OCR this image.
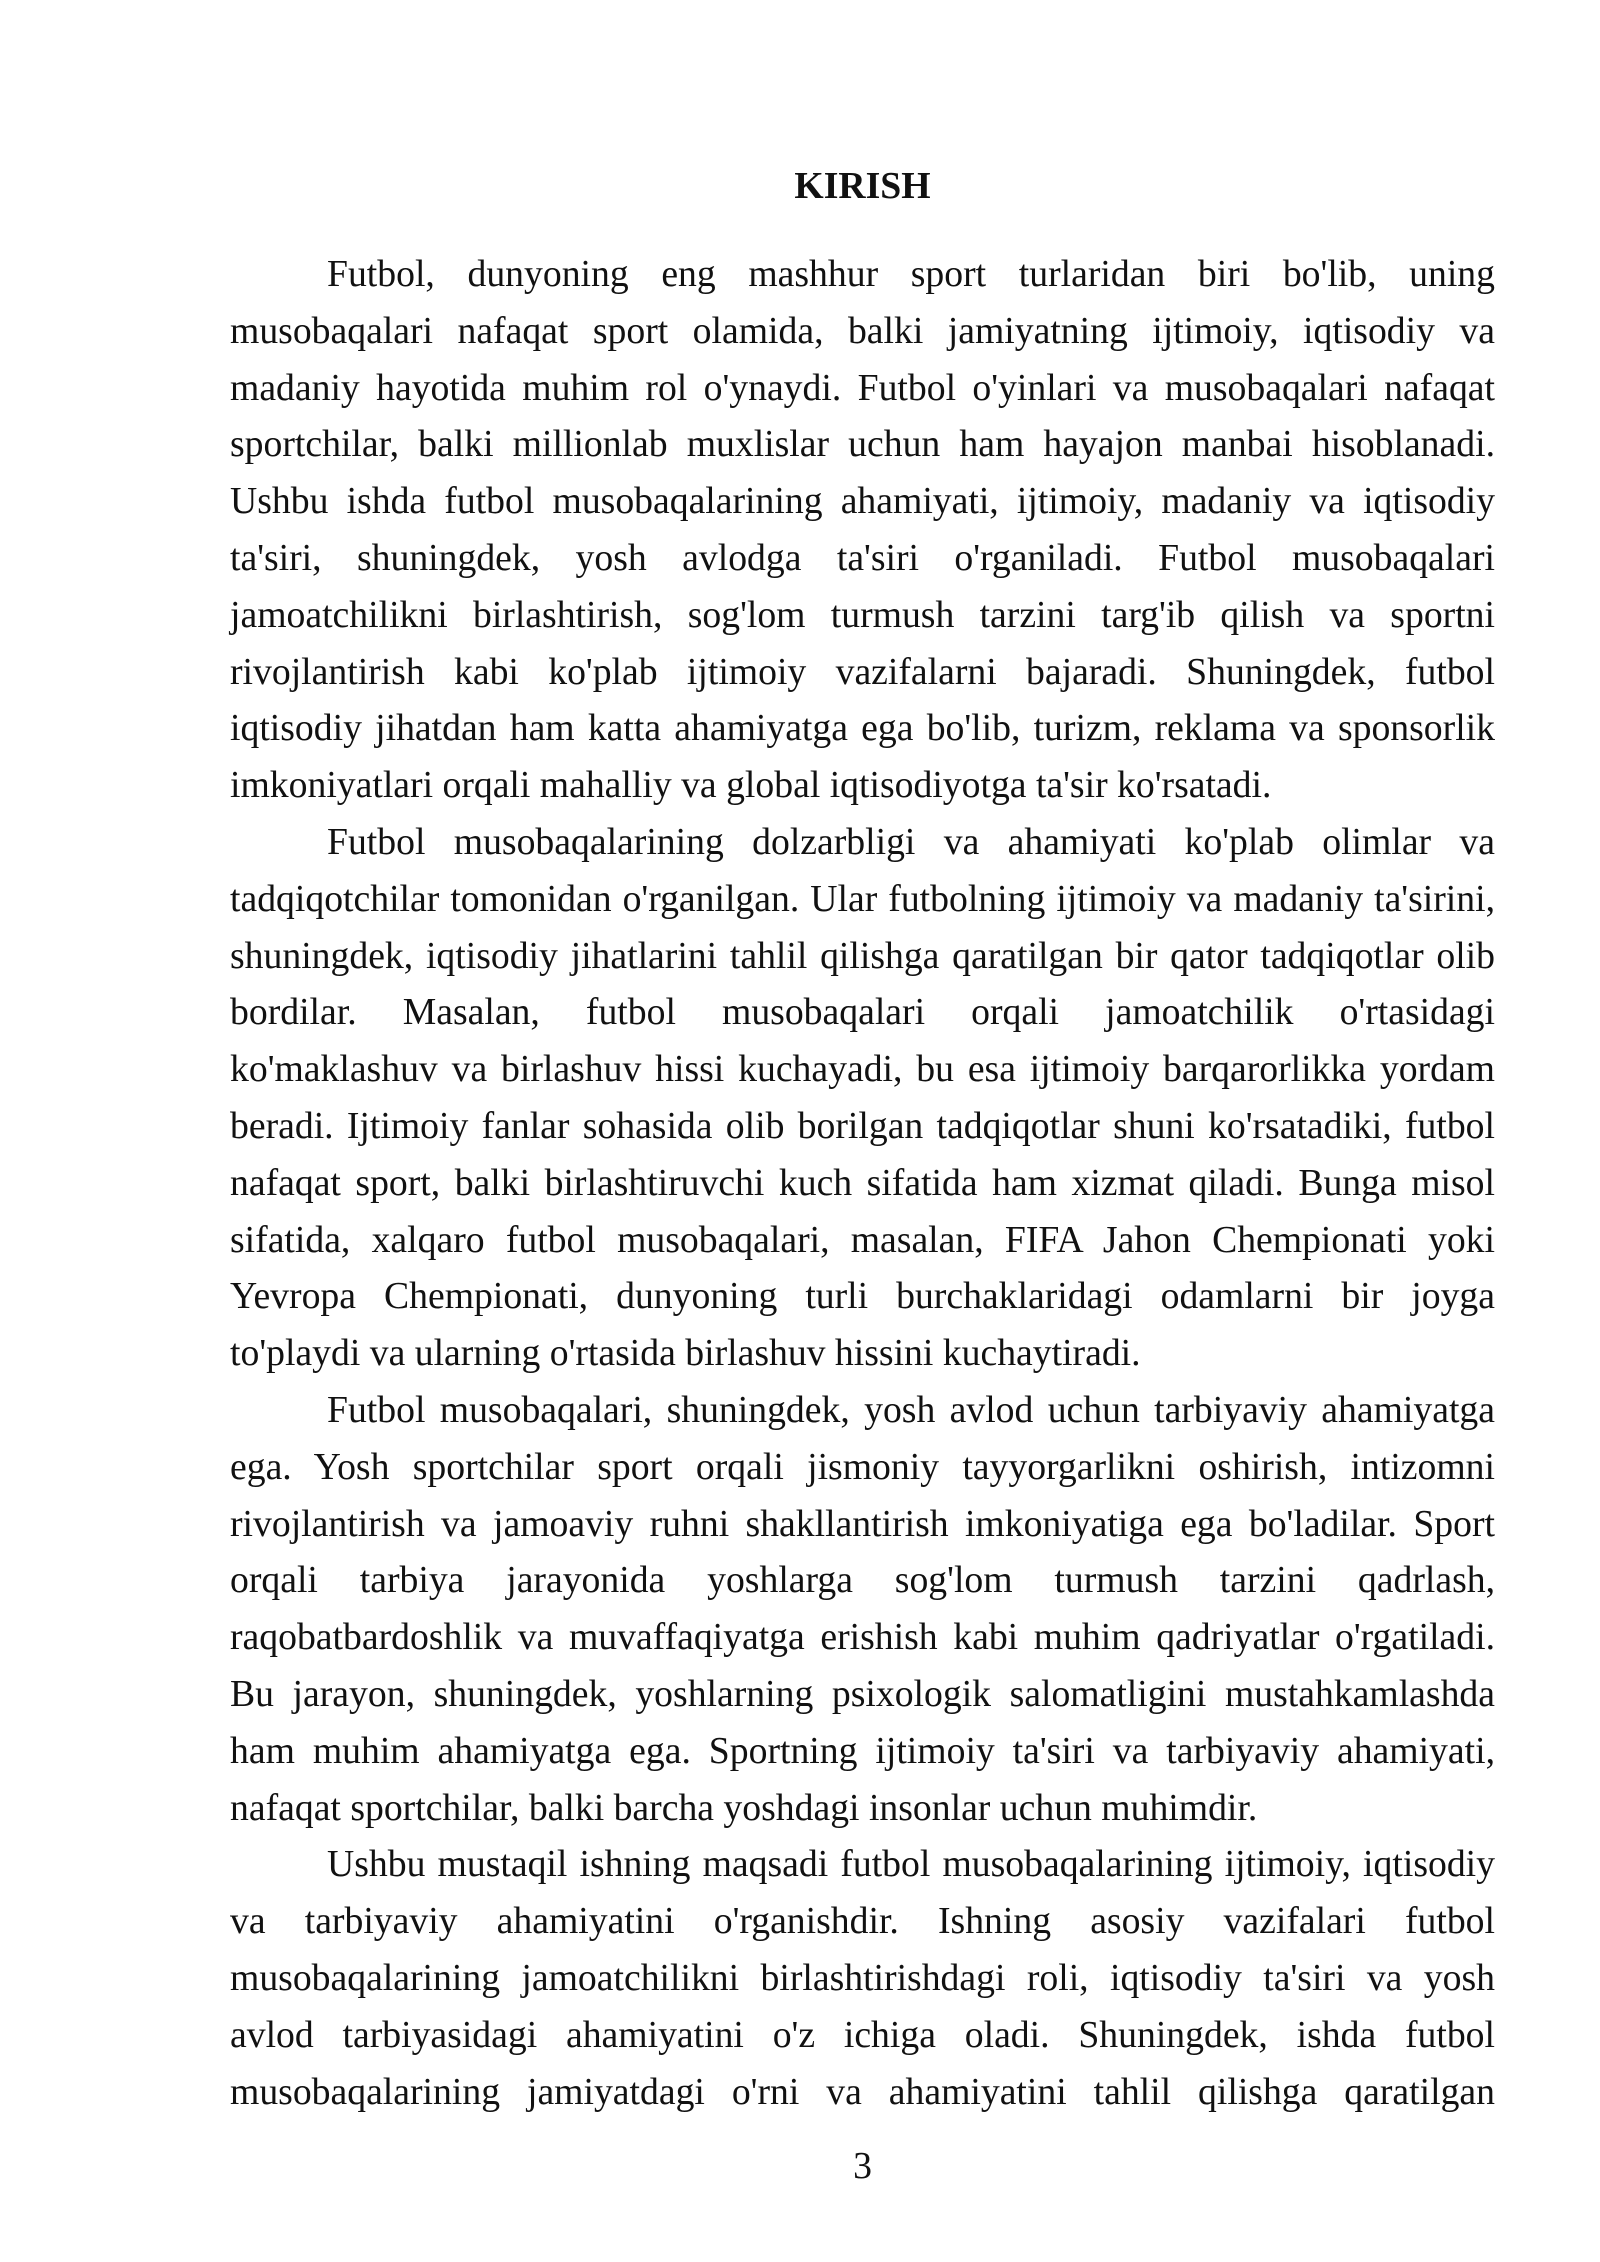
KIRISH
Futbol, dunyoning eng mashhur sport turlaridan biri bo'lib, uning
musobaqalari nafaqat sport olamida, balki jamiyatning ijtimoiy, iqtisodiy va
madaniy hayotida muhim rol o'ynaydi. Futbol o'yinlari va musobaqalari nafaqat
sportchilar, balki millionlab muxlislar uchun ham hayajon manbai hisoblanadi.
Ushbu ishda futbol musobaqalarining ahamiyati, ijtimoiy, madaniy va iqtisodiy
ta'siri, shuningdek, yosh avlodga ta'siri o'rganiladi. Futbol musobaqalari
jamoatchilikni birlashtirish, sog'lom turmush tarzini targ'ib qilish va sportni
rivojlantirish kabi ko'plab ijtimoiy vazifalarni bajaradi. Shuningdek, futbol
iqtisodiy jihatdan ham katta ahamiyatga ega bo'lib, turizm, reklama va sponsorlik
imkoniyatlari orqali mahalliy va global iqtisodiyotga ta'sir ko'rsatadi.
Futbol musobaqalarining dolzarbligi va ahamiyati ko'plab olimlar va
tadqiqotchilar tomonidan o'rganilgan. Ular futbolning ijtimoiy va madaniy ta'sirini,
shuningdek, iqtisodiy jihatlarini tahlil qilishga qaratilgan bir qator tadqiqotlar olib
bordilar. Masalan, futbol musobaqalari orqali jamoatchilik o'rtasidagi
ko'maklashuv va birlashuv hissi kuchayadi, bu esa ijtimoiy barqarorlikka yordam
beradi. Ijtimoiy fanlar sohasida olib borilgan tadqiqotlar shuni ko'rsatadiki, futbol
nafaqat sport, balki birlashtiruvchi kuch sifatida ham xizmat qiladi. Bunga misol
sifatida, xalqaro futbol musobaqalari, masalan, FIFA Jahon Chempionati yoki
Yevropa Chempionati, dunyoning turli burchaklaridagi odamlarni bir joyga
to'playdi va ularning o'rtasida birlashuv hissini kuchaytiradi.
Futbol musobaqalari, shuningdek, yosh avlod uchun tarbiyaviy ahamiyatga
ega. Yosh sportchilar sport orqali jismoniy tayyorgarlikni oshirish, intizomni
rivojlantirish va jamoaviy ruhni shakllantirish imkoniyatiga ega bo'ladilar. Sport
orqali tarbiya jarayonida yoshlarga sog'lom turmush tarzini qadrlash,
raqobatbardoshlik va muvaffaqiyatga erishish kabi muhim qadriyatlar o'rgatiladi.
Bu jarayon, shuningdek, yoshlarning psixologik salomatligini mustahkamlashda
ham muhim ahamiyatga ega. Sportning ijtimoiy ta'siri va tarbiyaviy ahamiyati,
nafaqat sportchilar, balki barcha yoshdagi insonlar uchun muhimdir.
Ushbu mustaqil ishning maqsadi futbol musobaqalarining ijtimoiy, iqtisodiy
va tarbiyaviy ahamiyatini o'rganishdir. Ishning asosiy vazifalari futbol
musobaqalarining jamoatchilikni birlashtirishdagi roli, iqtisodiy ta'siri va yosh
avlod tarbiyasidagi ahamiyatini o'z ichiga oladi. Shuningdek, ishda futbol
musobaqalarining jamiyatdagi o'rni va ahamiyatini tahlil qilishga qaratilgan
3
